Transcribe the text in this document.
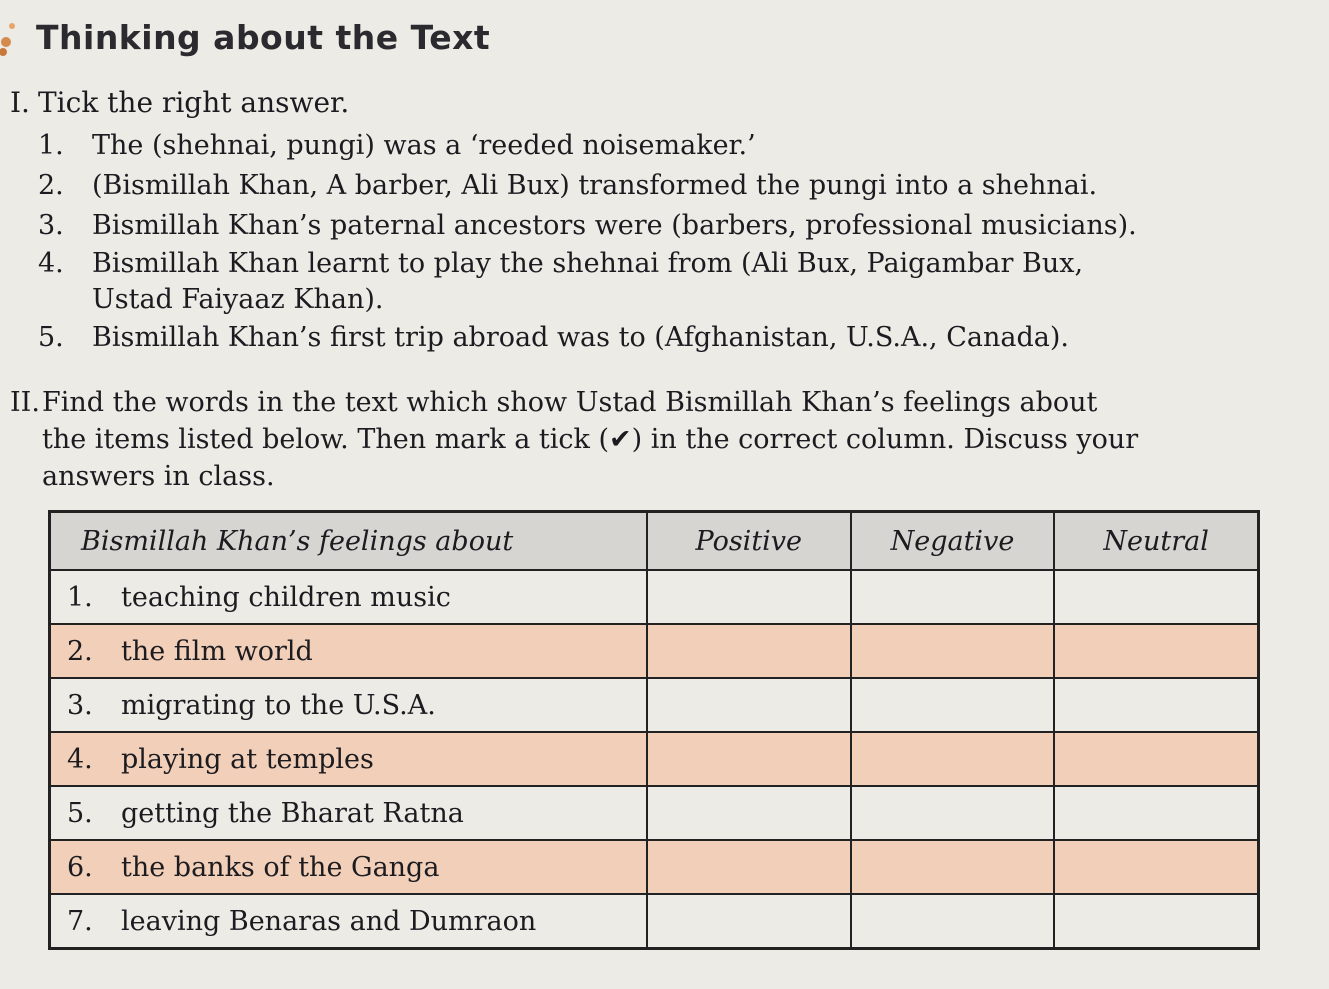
Thinking about the Text
I. Tick the right answer.
1. The (shehnai, pungi) was a ‘reeded noisemaker.’
2. (Bismillah Khan, A barber, Ali Bux) transformed the pungi into a shehnai.
3. Bismillah Khan’s paternal ancestors were (barbers, professional musicians).
4. Bismillah Khan learnt to play the shehnai from (Ali Bux, Paigambar Bux,
Ustad Faiyaaz Khan).
5. Bismillah Khan’s first trip abroad was to (Afghanistan, U.S.A., Canada).
II. Find the words in the text which show Ustad Bismillah Khan’s feelings about
the items listed below. Then mark a tick (✔) in the correct column. Discuss your
answers in class.
Bismillah Khan’s feelings about	Positive	Negative	Neutral
1. teaching children music			
2. the film world			
3. migrating to the U.S.A.			
4. playing at temples			
5. getting the Bharat Ratna			
6. the banks of the Ganga			
7. leaving Benaras and Dumraon			
